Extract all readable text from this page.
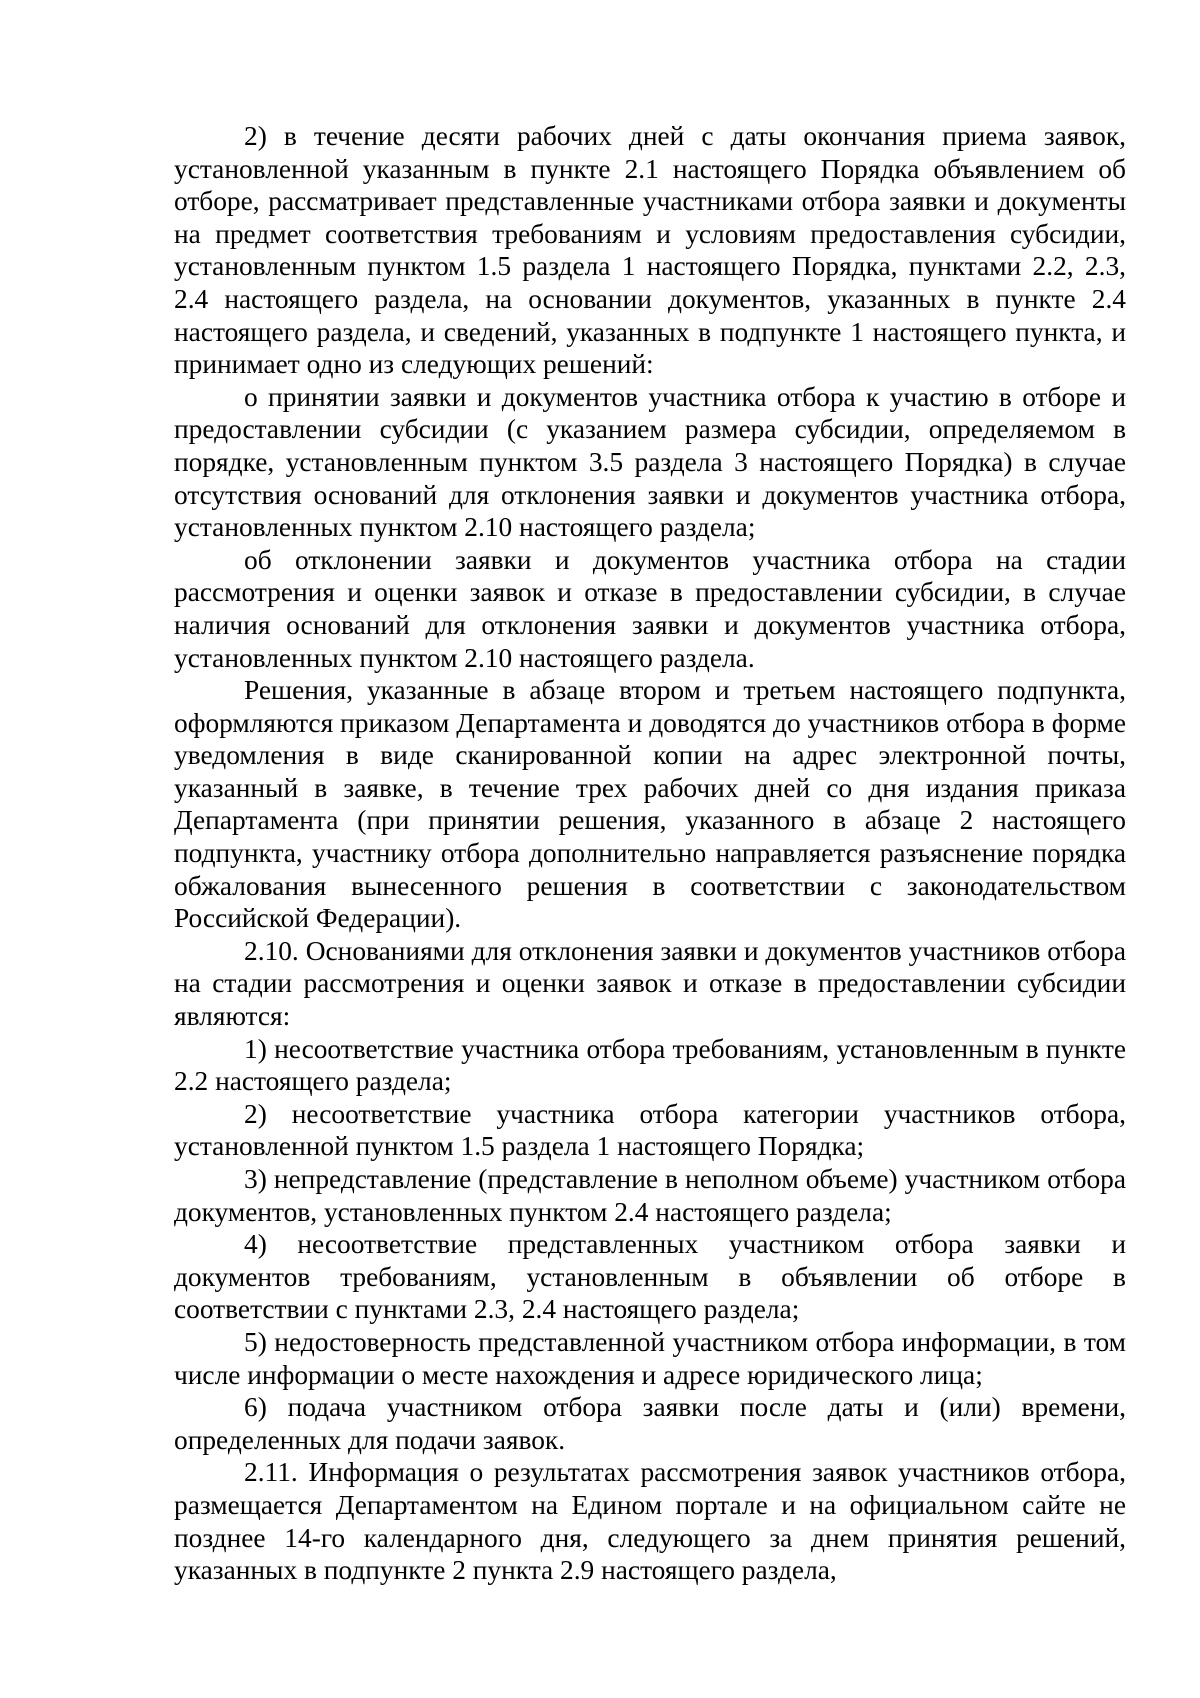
2) в течение десяти рабочих дней с даты окончания приема заявок, установленной указанным в пункте 2.1 настоящего Порядка объявлением об отборе, рассматривает представленные участниками отбора заявки и документы на предмет соответствия требованиям и условиям предоставления субсидии, установленным пунктом 1.5 раздела 1 настоящего Порядка, пунктами 2.2, 2.3, 2.4 настоящего раздела, на основании документов, указанных в пункте 2.4 настоящего раздела, и сведений, указанных в подпункте 1 настоящего пункта, и принимает одно из следующих решений:

о принятии заявки и документов участника отбора к участию в отборе и предоставлении субсидии (с указанием размера субсидии, определяемом в порядке, установленным пунктом 3.5 раздела 3 настоящего Порядка) в случае отсутствия оснований для отклонения заявки и документов участника отбора, установленных пунктом 2.10 настоящего раздела;

об отклонении заявки и документов участника отбора на стадии рассмотрения и оценки заявок и отказе в предоставлении субсидии, в случае наличия оснований для отклонения заявки и документов участника отбора, установленных пунктом 2.10 настоящего раздела.

Решения, указанные в абзаце втором и третьем настоящего подпункта, оформляются приказом Департамента и доводятся до участников отбора в форме уведомления в виде сканированной копии на адрес электронной почты, указанный в заявке, в течение трех рабочих дней со дня издания приказа Департамента (при принятии решения, указанного в абзаце 2 настоящего подпункта, участнику отбора дополнительно направляется разъяснение порядка обжалования вынесенного решения в соответствии с законодательством Российской Федерации).

2.10. Основаниями для отклонения заявки и документов участников отбора на стадии рассмотрения и оценки заявок и отказе в предоставлении субсидии являются:

1) несоответствие участника отбора требованиям, установленным в пункте 2.2 настоящего раздела;

2) несоответствие участника отбора категории участников отбора, установленной пунктом 1.5 раздела 1 настоящего Порядка;

3) непредставление (представление в неполном объеме) участником отбора документов, установленных пунктом 2.4 настоящего раздела;

4) несоответствие представленных участником отбора заявки и документов требованиям, установленным в объявлении об отборе в соответствии с пунктами 2.3, 2.4 настоящего раздела;

5) недостоверность представленной участником отбора информации, в том числе информации о месте нахождения и адресе юридического лица;

6) подача участником отбора заявки после даты и (или) времени, определенных для подачи заявок.

2.11. Информация о результатах рассмотрения заявок участников отбора, размещается Департаментом на Едином портале и на официальном сайте не позднее 14-го календарного дня, следующего за днем принятия решений, указанных в подпункте 2 пункта 2.9 настоящего раздела,
